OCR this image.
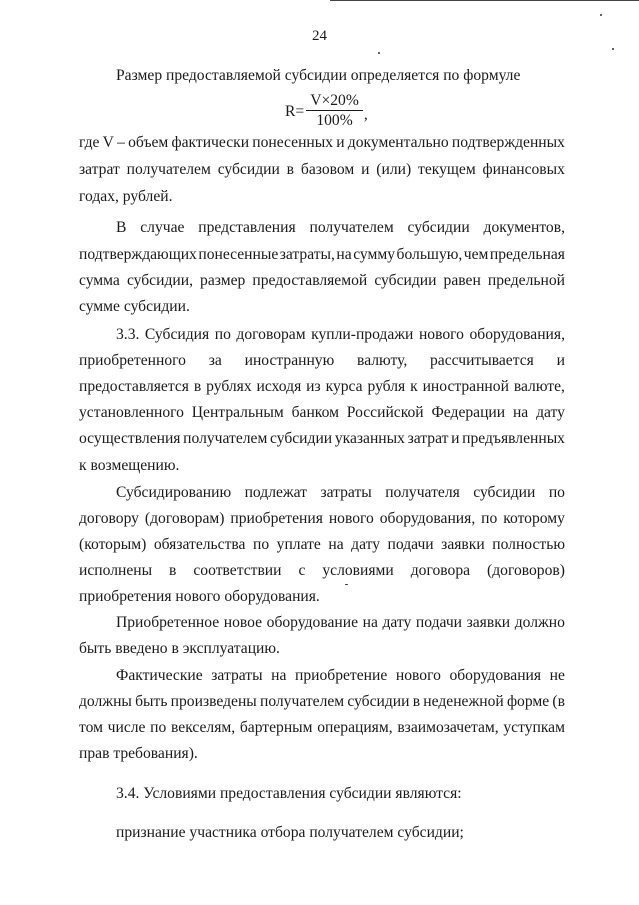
24
Размер предоставляемой субсидии определяется по формуле
$R= \frac{V\times 20\%}{100\%}$ ,
где V – объем фактически понесенных и документально подтвержденных
затрат получателем субсидии в базовом и (или) текущем финансовых
годах, рублей.
В случае представления получателем субсидии документов,
подтверждающих понесенные затраты, на сумму большую, чем предельная
сумма субсидии, размер предоставляемой субсидии равен предельной
сумме субсидии.
3.3. Субсидия по договорам купли-продажи нового оборудования,
приобретенного за иностранную валюту, рассчитывается и
предоставляется в рублях исходя из курса рубля к иностранной валюте,
установленного Центральным банком Российской Федерации на дату
осуществления получателем субсидии указанных затрат и предъявленных
к возмещению.
Субсидированию подлежат затраты получателя субсидии по
договору (договорам) приобретения нового оборудования, по которому
(которым) обязательства по уплате на дату подачи заявки полностью
исполнены в соответствии с условиями договора (договоров)
приобретения нового оборудования.
Приобретенное новое оборудование на дату подачи заявки должно
быть введено в эксплуатацию.
Фактические затраты на приобретение нового оборудования не
должны быть произведены получателем субсидии в неденежной форме (в
том числе по векселям, бартерным операциям, взаимозачетам, уступкам
прав требования).
3.4. Условиями предоставления субсидии являются:
признание участника отбора получателем субсидии;
